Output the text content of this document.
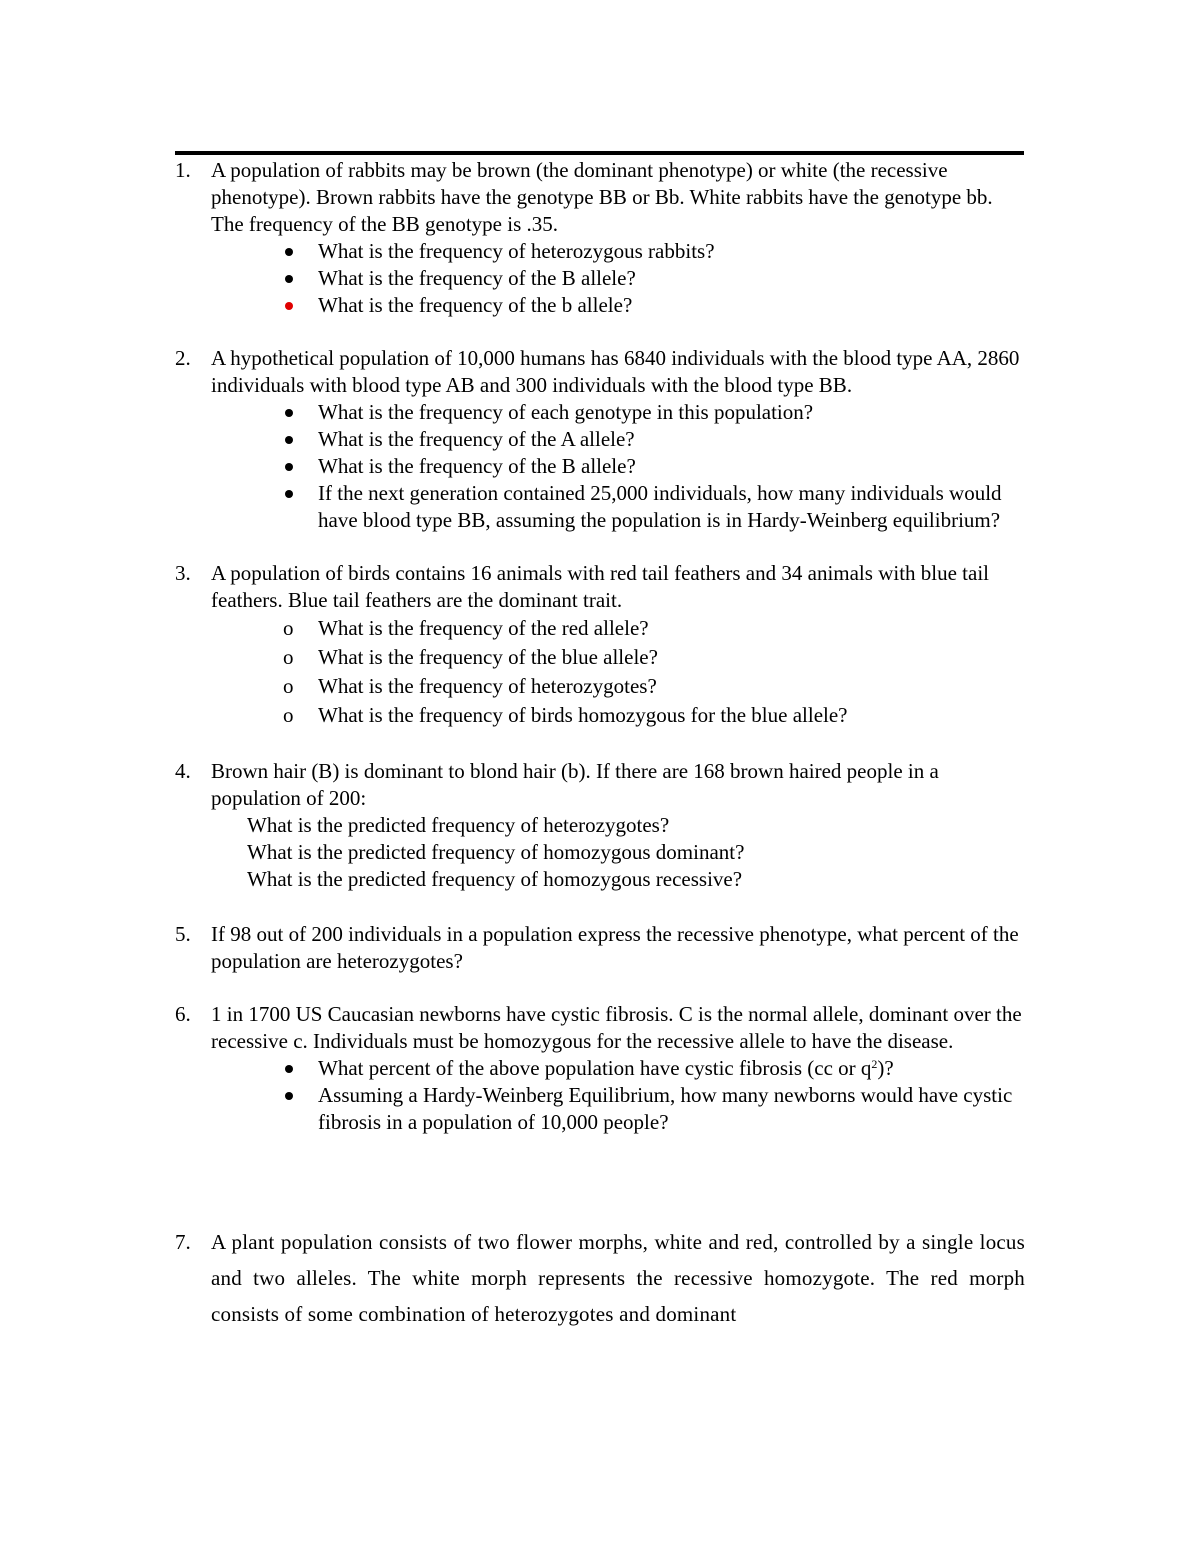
1. A population of rabbits may be brown (the dominant phenotype) or white (the recessive phenotype). Brown rabbits have the genotype BB or Bb. White rabbits have the genotype bb. The frequency of the BB genotype is .35.

What is the frequency of heterozygous rabbits?
What is the frequency of the B allele?
What is the frequency of the b allele?
2. A hypothetical population of 10,000 humans has 6840 individuals with the blood type AA, 2860 individuals with blood type AB and 300 individuals with the blood type BB.

What is the frequency of each genotype in this population?
What is the frequency of the A allele?
What is the frequency of the B allele?
If the next generation contained 25,000 individuals, how many individuals would have blood type BB, assuming the population is in Hardy-Weinberg equilibrium?
3. A population of birds contains 16 animals with red tail feathers and 34 animals with blue tail feathers. Blue tail feathers are the dominant trait.

o What is the frequency of the red allele?
o What is the frequency of the blue allele?
o What is the frequency of heterozygotes?
o What is the frequency of birds homozygous for the blue allele?
4. Brown hair (B) is dominant to blond hair (b). If there are 168 brown haired people in a population of 200:

What is the predicted frequency of heterozygotes?
What is the predicted frequency of homozygous dominant?
What is the predicted frequency of homozygous recessive?
5. If 98 out of 200 individuals in a population express the recessive phenotype, what percent of the population are heterozygotes?

6. 1 in 1700 US Caucasian newborns have cystic fibrosis. C is the normal allele, dominant over the recessive c. Individuals must be homozygous for the recessive allele to have the disease.

What percent of the above population have cystic fibrosis (cc or $q^2$)?
Assuming a Hardy-Weinberg Equilibrium, how many newborns would have cystic fibrosis in a population of 10,000 people?
7. A plant population consists of two flower morphs, white and red, controlled by a single locus and two alleles. The white morph represents the recessive homozygote. The red morph consists of some combination of heterozygotes and dominant
